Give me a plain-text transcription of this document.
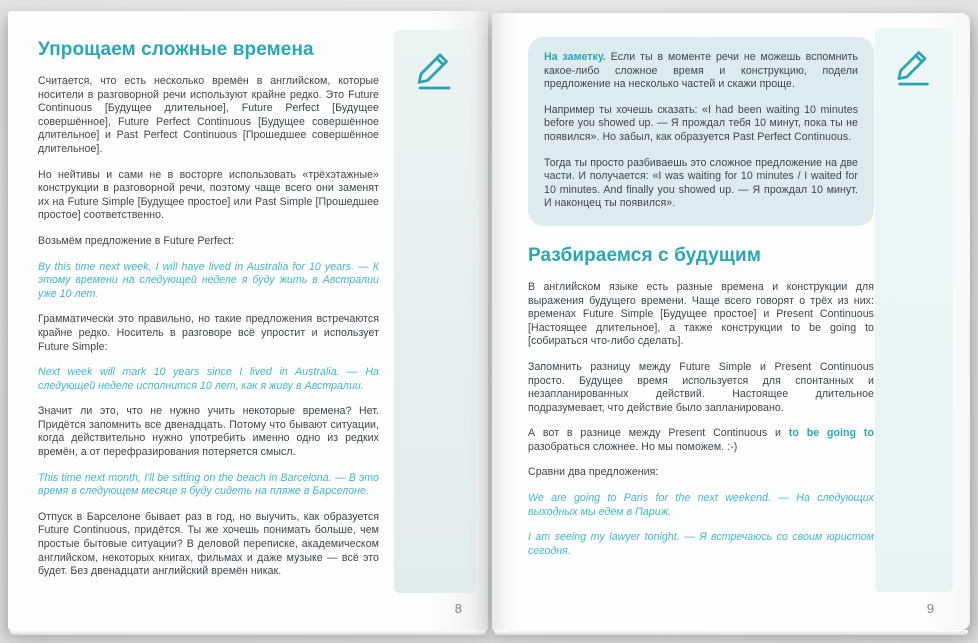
Упрощаем сложные времена

Считается, что есть несколько времён в английском, которые носители в разговорной речи используют крайне редко. Это Future Continuous [Будущее длительное], Future Perfect [Будущее совершённое], Future Perfect Continuous [Будущее совершённое длительное] и Past Perfect Continuous [Прошедшее совершённое длительное].

Но нейтивы и сами не в восторге использовать «трёхэтажные» конструкции в разговорной речи, поэтому чаще всего они заменят их на Future Simple [Будущее простое] или Past Simple [Прошедшее простое] соответственно.

Возьмём предложение в Future Perfect:

By this time next week, I will have lived in Australia for 10 years. — К этому времени на следующей неделе я буду жить в Австралии уже 10 лет.

Грамматически это правильно, но такие предложения встречаются крайне редко. Носитель в разговоре всё упростит и использует Future Simple:

Next week will mark 10 years since I lived in Australia. — На следующей неделе исполнится 10 лет, как я живу в Австралии.

Значит ли это, что не нужно учить некоторые времена? Нет. Придётся запомнить все двенадцать. Потому что бывают ситуации, когда действительно нужно употребить именно одно из редких времён, а от перефразирования потеряется смысл.

This time next month, I'll be sitting on the beach in Barcelona. — В это время в следующем месяце я буду сидеть на пляже в Барселоне.

Отпуск в Барселоне бывает раз в год, но выучить, как образуется Future Continuous, придётся. Ты же хочешь понимать больше, чем простые бытовые ситуации? В деловой переписке, академическом английском, некоторых книгах, фильмах и даже музыке — всё это будет. Без двенадцати английский времён никак.

8

На заметку. Если ты в моменте речи не можешь вспомнить какое-либо сложное время и конструкцию, подели предложение на несколько частей и скажи проще.

Например ты хочешь сказать: «I had been waiting 10 minutes before you showed up. — Я прождал тебя 10 минут, пока ты не появился». Но забыл, как образуется Past Perfect Continuous.

Тогда ты просто разбиваешь это сложное предложение на две части. И получается: «I was waiting for 10 minutes / I waited for 10 minutes. And finally you showed up. — Я прождал 10 минут. И наконцец ты появился».

Разбираемся с будущим

В английском языке есть разные времена и конструкции для выражения будущего времени. Чаще всего говорят о трёх из них: временах Future Simple [Будущее простое] и Present Continuous [Настоящее длительное], а также конструкции to be going to [собираться что-либо сделать].

Запомнить разницу между Future Simple и Present Continuous просто. Будущее время используется для спонтанных и незапланированных действий. Настоящее длительное подразумевает, что действие было запланировано.

А вот в разнице между Present Continuous и to be going to разобраться сложнее. Но мы поможем. :-)

Сравни два предложения:

We are going to Paris for the next weekend. — На следующих выходных мы едем в Париж.

I am seeing my lawyer tonight. — Я встречаюсь со своим юристом сегодня.

9
